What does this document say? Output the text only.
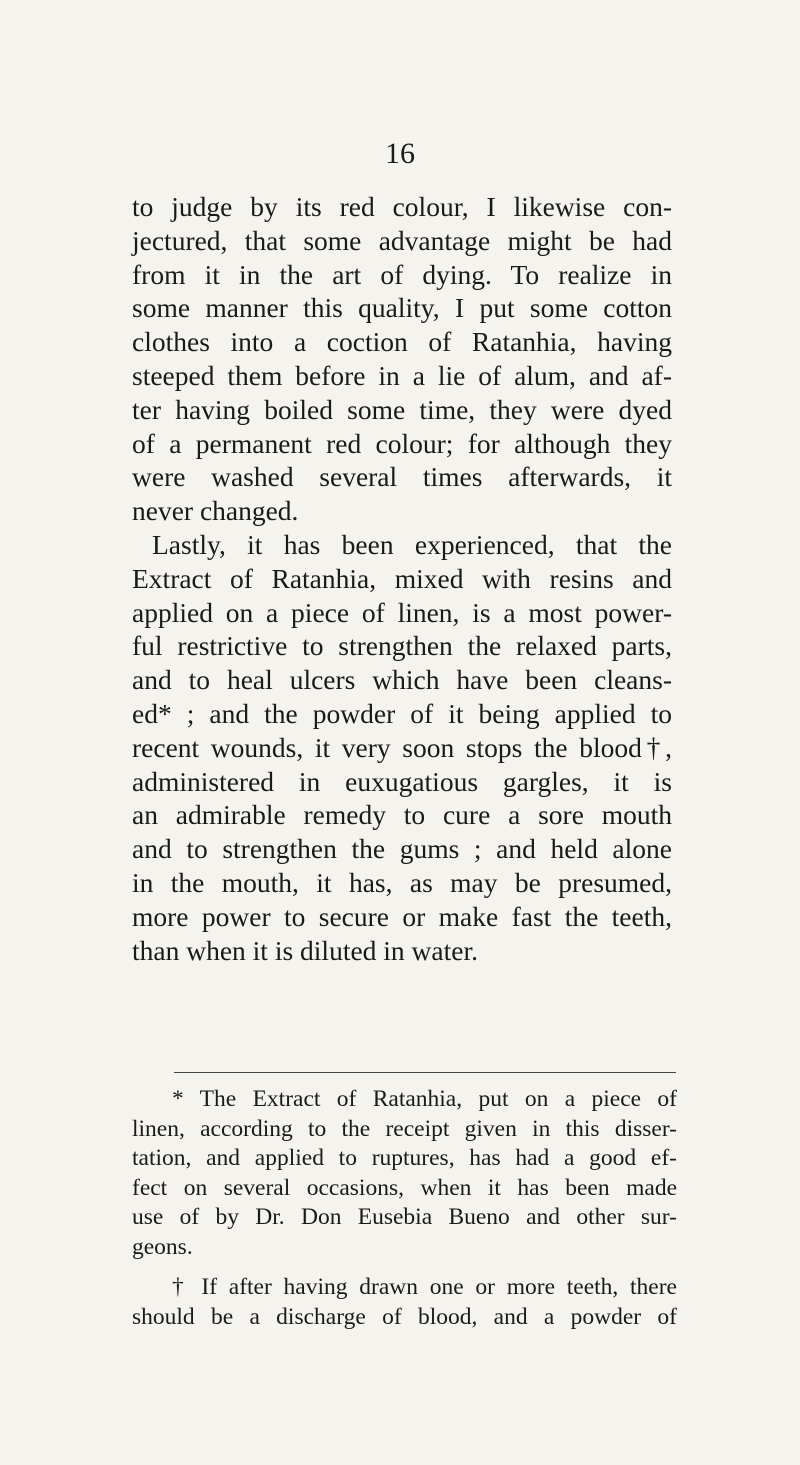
16
to judge by its red colour, I likewise con-
jectured, that some advantage might be had
from it in the art of dying. To realize in
some manner this quality, I put some cotton
clothes into a coction of Ratanhia, having
steeped them before in a lie of alum, and af-
ter having boiled some time, they were dyed
of a permanent red colour; for although they
were washed several times afterwards, it
never changed.
Lastly, it has been experienced, that the
Extract of Ratanhia, mixed with resins and
applied on a piece of linen, is a most power-
ful restrictive to strengthen the relaxed parts,
and to heal ulcers which have been cleans-
ed* ; and the powder of it being applied to
recent wounds, it very soon stops the blood†,
administered in euxugatious gargles, it is
an admirable remedy to cure a sore mouth
and to strengthen the gums ; and held alone
in the mouth, it has, as may be presumed,
more power to secure or make fast the teeth,
than when it is diluted in water.
* The Extract of Ratanhia, put on a piece of
linen, according to the receipt given in this disser-
tation, and applied to ruptures, has had a good ef-
fect on several occasions, when it has been made
use of by Dr. Don Eusebia Bueno and other sur-
geons.
† If after having drawn one or more teeth, there
should be a discharge of blood, and a powder of
